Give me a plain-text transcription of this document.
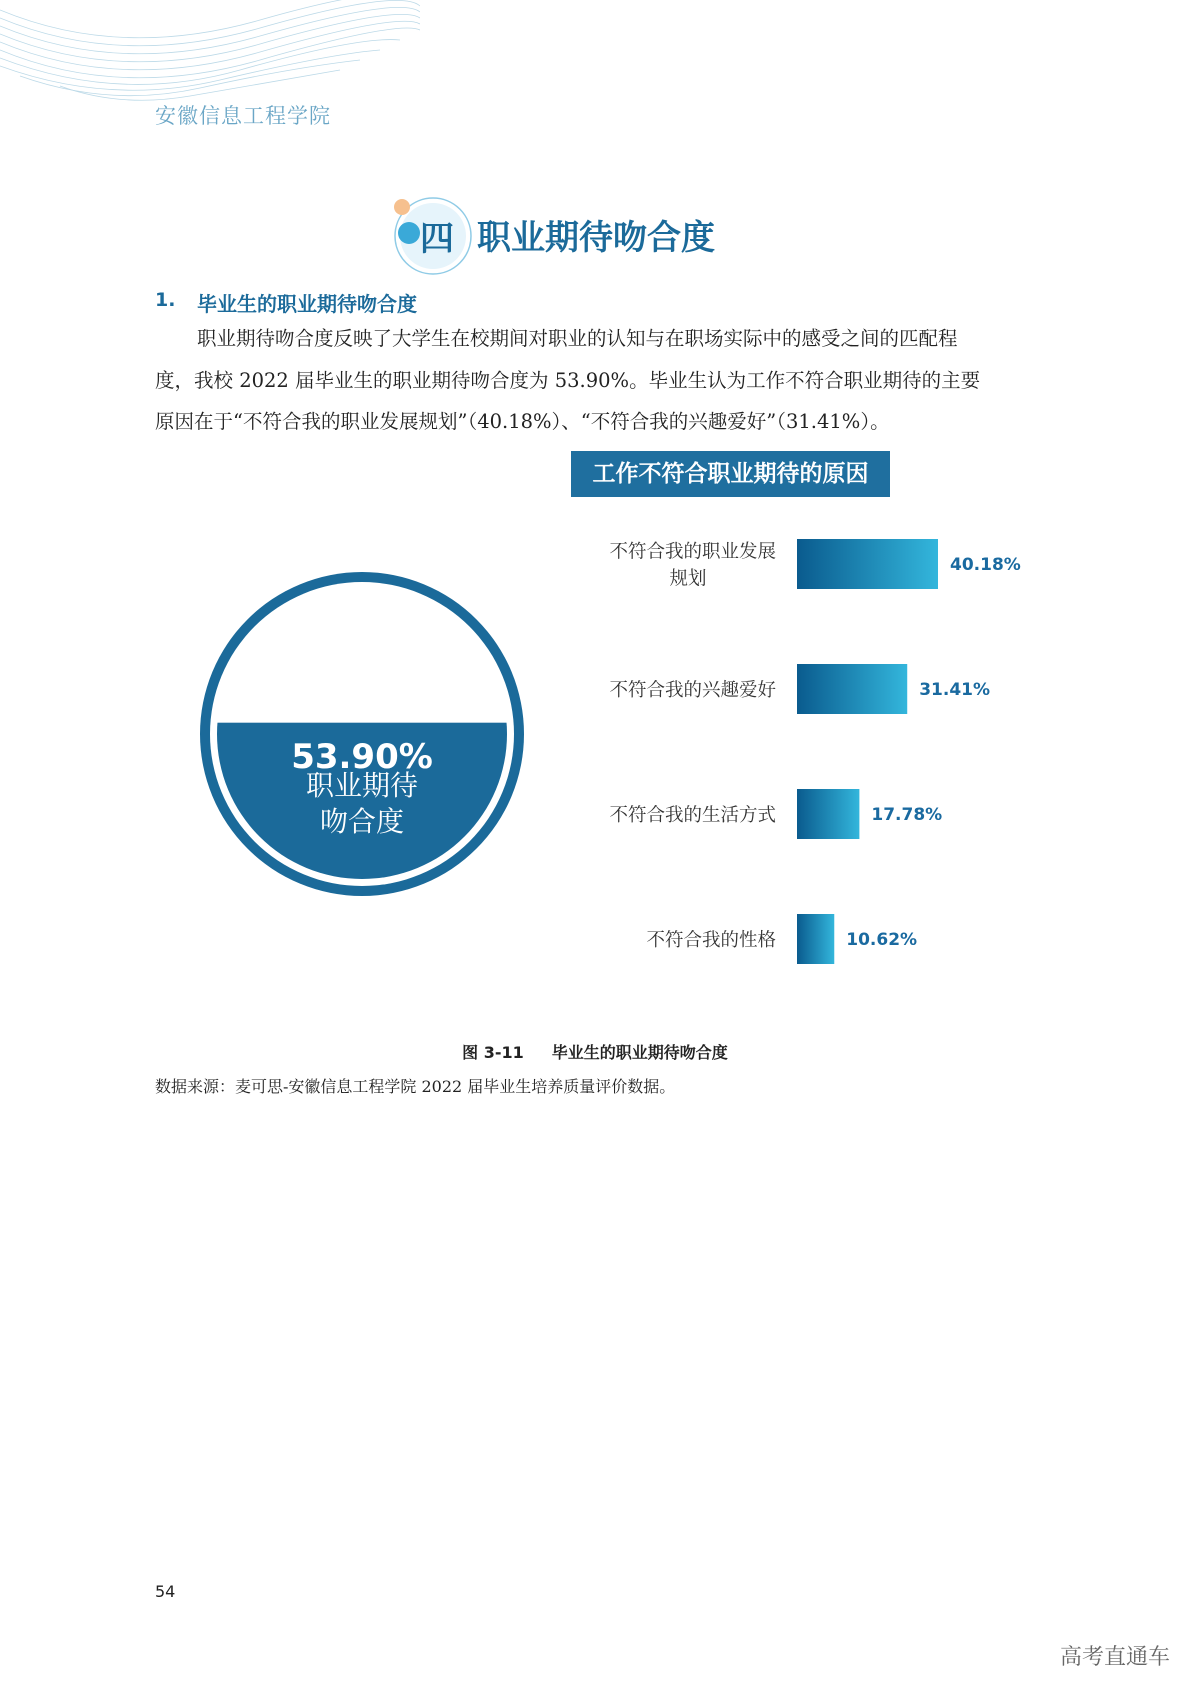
安徽信息工程学院
四 职业期待吻合度
1. 毕业生的职业期待吻合度
职业期待吻合度反映了大学生在校期间对职业的认知与在职场实际中的感受之间的匹配程
度，我校 2022 届毕业生的职业期待吻合度为 53.90%。毕业生认为工作不符合职业期待的主要
原因在于“不符合我的职业发展规划”（40.18%）、“不符合我的兴趣爱好”（31.41%）。
工作不符合职业期待的原因
53.90%
职业期待
吻合度
40.18%
不符合我的职业发展
规划
31.41%
不符合我的兴趣爱好
17.78%
不符合我的生活方式
10.62%
不符合我的性格
图 3-11 毕业生的职业期待吻合度
数据来源：麦可思-安徽信息工程学院 2022 届毕业生培养质量评价数据。
54
高考直通车
